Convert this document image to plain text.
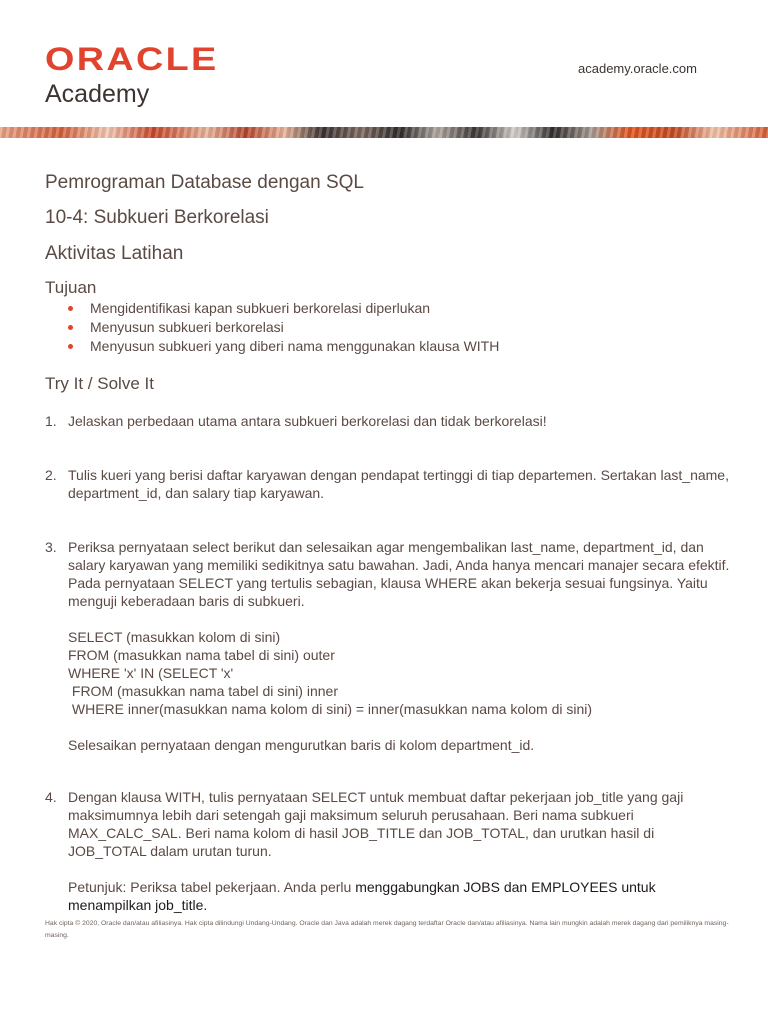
ORACLE
Academy
academy.oracle.com
Pemrograman Database dengan SQL
10-4: Subkueri Berkorelasi
Aktivitas Latihan
Tujuan
Mengidentifikasi kapan subkueri berkorelasi diperlukan
Menyusun subkueri berkorelasi
Menyusun subkueri yang diberi nama menggunakan klausa WITH
Try It / Solve It
1. Jelaskan perbedaan utama antara subkueri berkorelasi dan tidak berkorelasi!

2. Tulis kueri yang berisi daftar karyawan dengan pendapat tertinggi di tiap departemen. Sertakan last_name, department_id, dan salary tiap karyawan.

3. Periksa pernyataan select berikut dan selesaikan agar mengembalikan last_name, department_id, dan salary karyawan yang memiliki sedikitnya satu bawahan. Jadi, Anda hanya mencari manajer secara efektif. Pada pernyataan SELECT yang tertulis sebagian, klausa WHERE akan bekerja sesuai fungsinya. Yaitu menguji keberadaan baris di subkueri.

SELECT (masukkan kolom di sini)
FROM (masukkan nama tabel di sini) outer
WHERE 'x' IN (SELECT 'x'
FROM (masukkan nama tabel di sini) inner
WHERE inner(masukkan nama kolom di sini) = inner(masukkan nama kolom di sini)

Selesaikan pernyataan dengan mengurutkan baris di kolom department_id.

4. Dengan klausa WITH, tulis pernyataan SELECT untuk membuat daftar pekerjaan job_title yang gaji maksimumnya lebih dari setengah gaji maksimum seluruh perusahaan. Beri nama subkueri MAX_CALC_SAL. Beri nama kolom di hasil JOB_TITLE dan JOB_TOTAL, dan urutkan hasil di JOB_TOTAL dalam urutan turun.

Petunjuk: Periksa tabel pekerjaan. Anda perlu menggabungkan JOBS dan EMPLOYEES untuk menampilkan job_title.

Hak cipta © 2020, Oracle dan/atau afiliasinya. Hak cipta dilindungi Undang-Undang. Oracle dan Java adalah merek dagang terdaftar Oracle dan/atau afiliasinya. Nama lain mungkin adalah merek dagang dari pemiliknya masing-masing.
